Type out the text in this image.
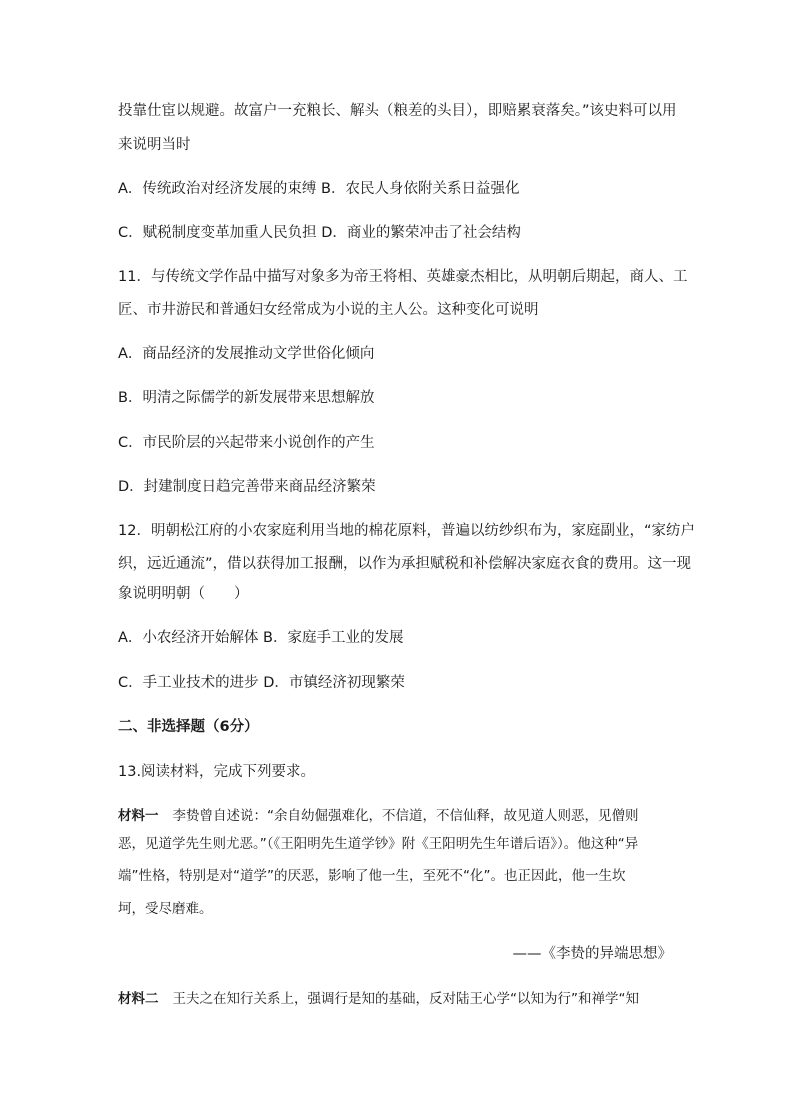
投靠仕宦以规避。故富户一充粮长、解头（粮差的头目），即赔累衰落矣。”该史料可以用
来说明当时
A．传统政治对经济发展的束缚 B．农民人身依附关系日益强化
C．赋税制度变革加重人民负担 D．商业的繁荣冲击了社会结构
11．与传统文学作品中描写对象多为帝王将相、英雄豪杰相比，从明朝后期起，商人、工
匠、市井游民和普通妇女经常成为小说的主人公。这种变化可说明
A．商品经济的发展推动文学世俗化倾向
B．明清之际儒学的新发展带来思想解放
C．市民阶层的兴起带来小说创作的产生
D．封建制度日趋完善带来商品经济繁荣
12．明朝松江府的小农家庭利用当地的棉花原料，普遍以纺纱织布为，家庭副业，“家纺户
织，远近通流”，借以获得加工报酬，以作为承担赋税和补偿解决家庭衣食的费用。这一现
象说明明朝（　　）
A．小农经济开始解体 B．家庭手工业的发展
C．手工业技术的进步 D．市镇经济初现繁荣
二、非选择题（6分）
13.阅读材料，完成下列要求。
材料一 李贽曾自述说：“余自幼倔强难化，不信道，不信仙释，故见道人则恶，见僧则
恶，见道学先生则尤恶。”（《王阳明先生道学钞》附《王阳明先生年谱后语》）。他这种“异
端”性格，特别是对“道学”的厌恶，影响了他一生，至死不“化”。也正因此，他一生坎
坷，受尽磨难。
——《李贽的异端思想》
材料二 王夫之在知行关系上，强调行是知的基础，反对陆王心学“以知为行”和禅学“知
